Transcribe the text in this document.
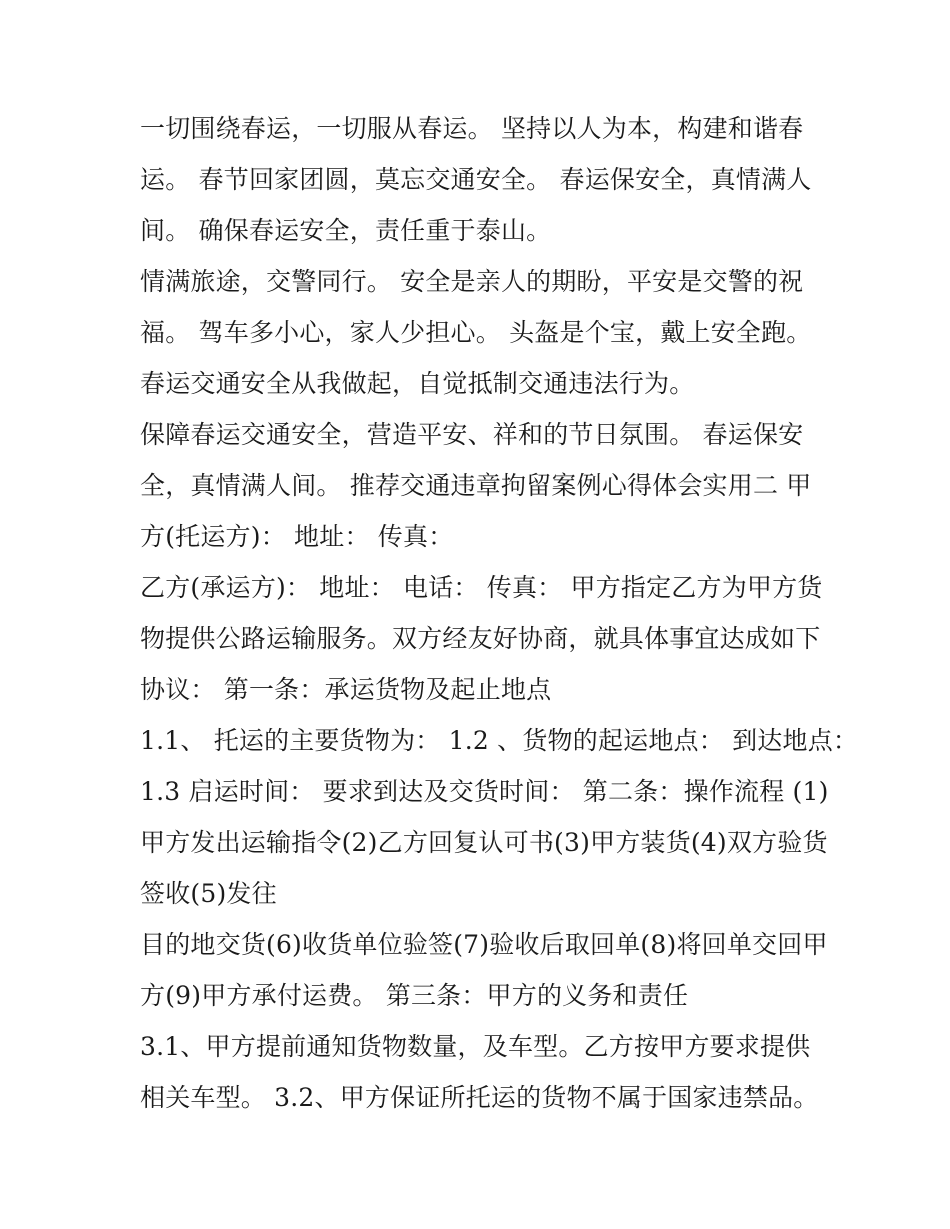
一切围绕春运，一切服从春运。 坚持以人为本，构建和谐春
运。 春节回家团圆，莫忘交通安全。 春运保安全，真情满人
间。 确保春运安全，责任重于泰山。
情满旅途，交警同行。 安全是亲人的期盼，平安是交警的祝
福。 驾车多小心，家人少担心。 头盔是个宝，戴上安全跑。
春运交通安全从我做起，自觉抵制交通违法行为。
保障春运交通安全，营造平安、祥和的节日氛围。 春运保安
全，真情满人间。 推荐交通违章拘留案例心得体会实用二 甲
方(托运方)： 地址： 传真：
乙方(承运方)： 地址： 电话： 传真： 甲方指定乙方为甲方货
物提供公路运输服务。双方经友好协商，就具体事宜达成如下
协议： 第一条：承运货物及起止地点
1.1、 托运的主要货物为： 1.2 、货物的起运地点： 到达地点：
1.3 启运时间： 要求到达及交货时间： 第二条：操作流程 (1)
甲方发出运输指令(2)乙方回复认可书(3)甲方装货(4)双方验货
签收(5)发往
目的地交货(6)收货单位验签(7)验收后取回单(8)将回单交回甲
方(9)甲方承付运费。 第三条：甲方的义务和责任
3.1、甲方提前通知货物数量，及车型。乙方按甲方要求提供
相关车型。 3.2、甲方保证所托运的货物不属于国家违禁品。
